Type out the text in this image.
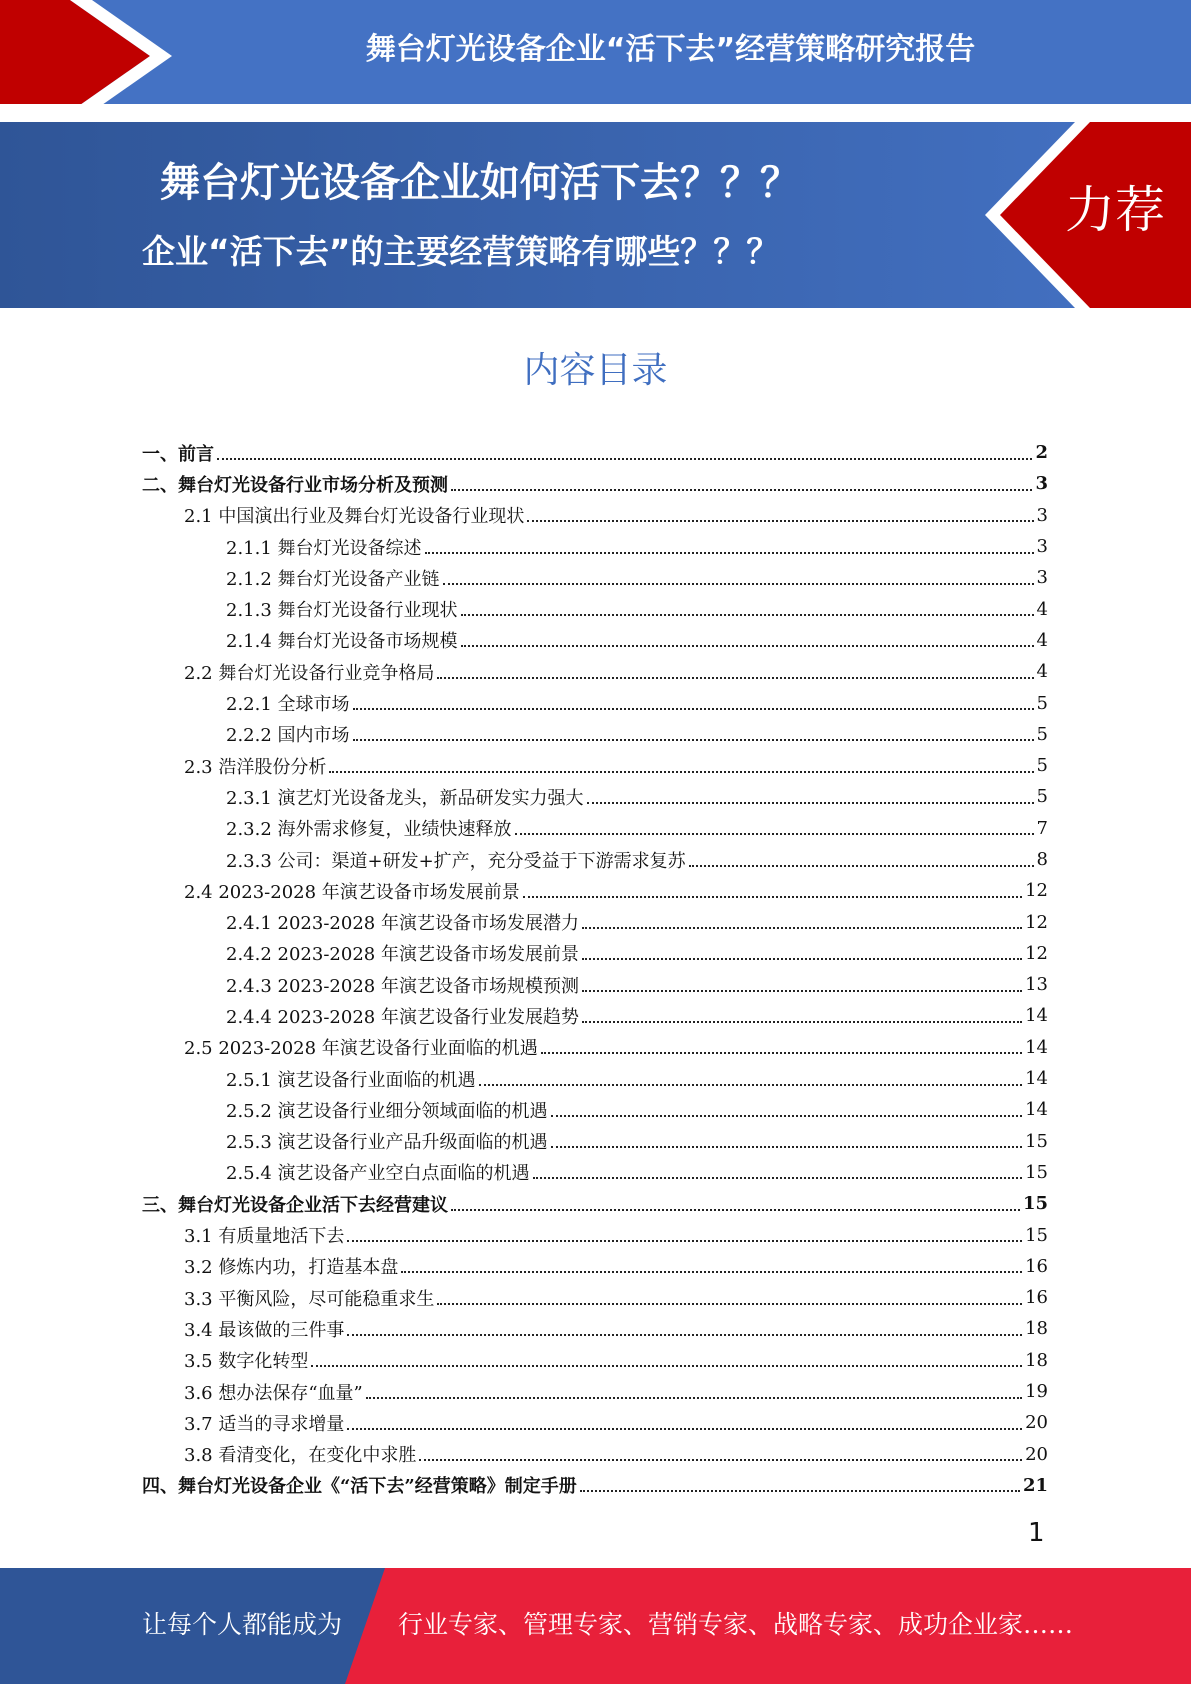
舞台灯光设备企业“活下去”经营策略研究报告
舞台灯光设备企业如何活下去？？？
企业“活下去”的主要经营策略有哪些？？？
力荐
内容目录
一、前言	2
二、舞台灯光设备行业市场分析及预测	3
2.1 中国演出行业及舞台灯光设备行业现状	3
2.1.1 舞台灯光设备综述	3
2.1.2 舞台灯光设备产业链	3
2.1.3 舞台灯光设备行业现状	4
2.1.4 舞台灯光设备市场规模	4
2.2 舞台灯光设备行业竞争格局	4
2.2.1 全球市场	5
2.2.2 国内市场	5
2.3 浩洋股份分析	5
2.3.1 演艺灯光设备龙头，新品研发实力强大	5
2.3.2 海外需求修复，业绩快速释放	7
2.3.3 公司：渠道+研发+扩产，充分受益于下游需求复苏	8
2.4 2023-2028 年演艺设备市场发展前景	12
2.4.1 2023-2028 年演艺设备市场发展潜力	12
2.4.2 2023-2028 年演艺设备市场发展前景	12
2.4.3 2023-2028 年演艺设备市场规模预测	13
2.4.4 2023-2028 年演艺设备行业发展趋势	14
2.5 2023-2028 年演艺设备行业面临的机遇	14
2.5.1 演艺设备行业面临的机遇	14
2.5.2 演艺设备行业细分领域面临的机遇	14
2.5.3 演艺设备行业产品升级面临的机遇	15
2.5.4 演艺设备产业空白点面临的机遇	15
三、舞台灯光设备企业活下去经营建议	15
3.1 有质量地活下去	15
3.2 修炼内功，打造基本盘	16
3.3 平衡风险，尽可能稳重求生	16
3.4 最该做的三件事	18
3.5 数字化转型	18
3.6 想办法保存“血量”	19
3.7 适当的寻求增量	20
3.8 看清变化，在变化中求胜	20
四、舞台灯光设备企业《“活下去”经营策略》制定手册	21
1
让每个人都能成为 行业专家、管理专家、营销专家、战略专家、成功企业家……
